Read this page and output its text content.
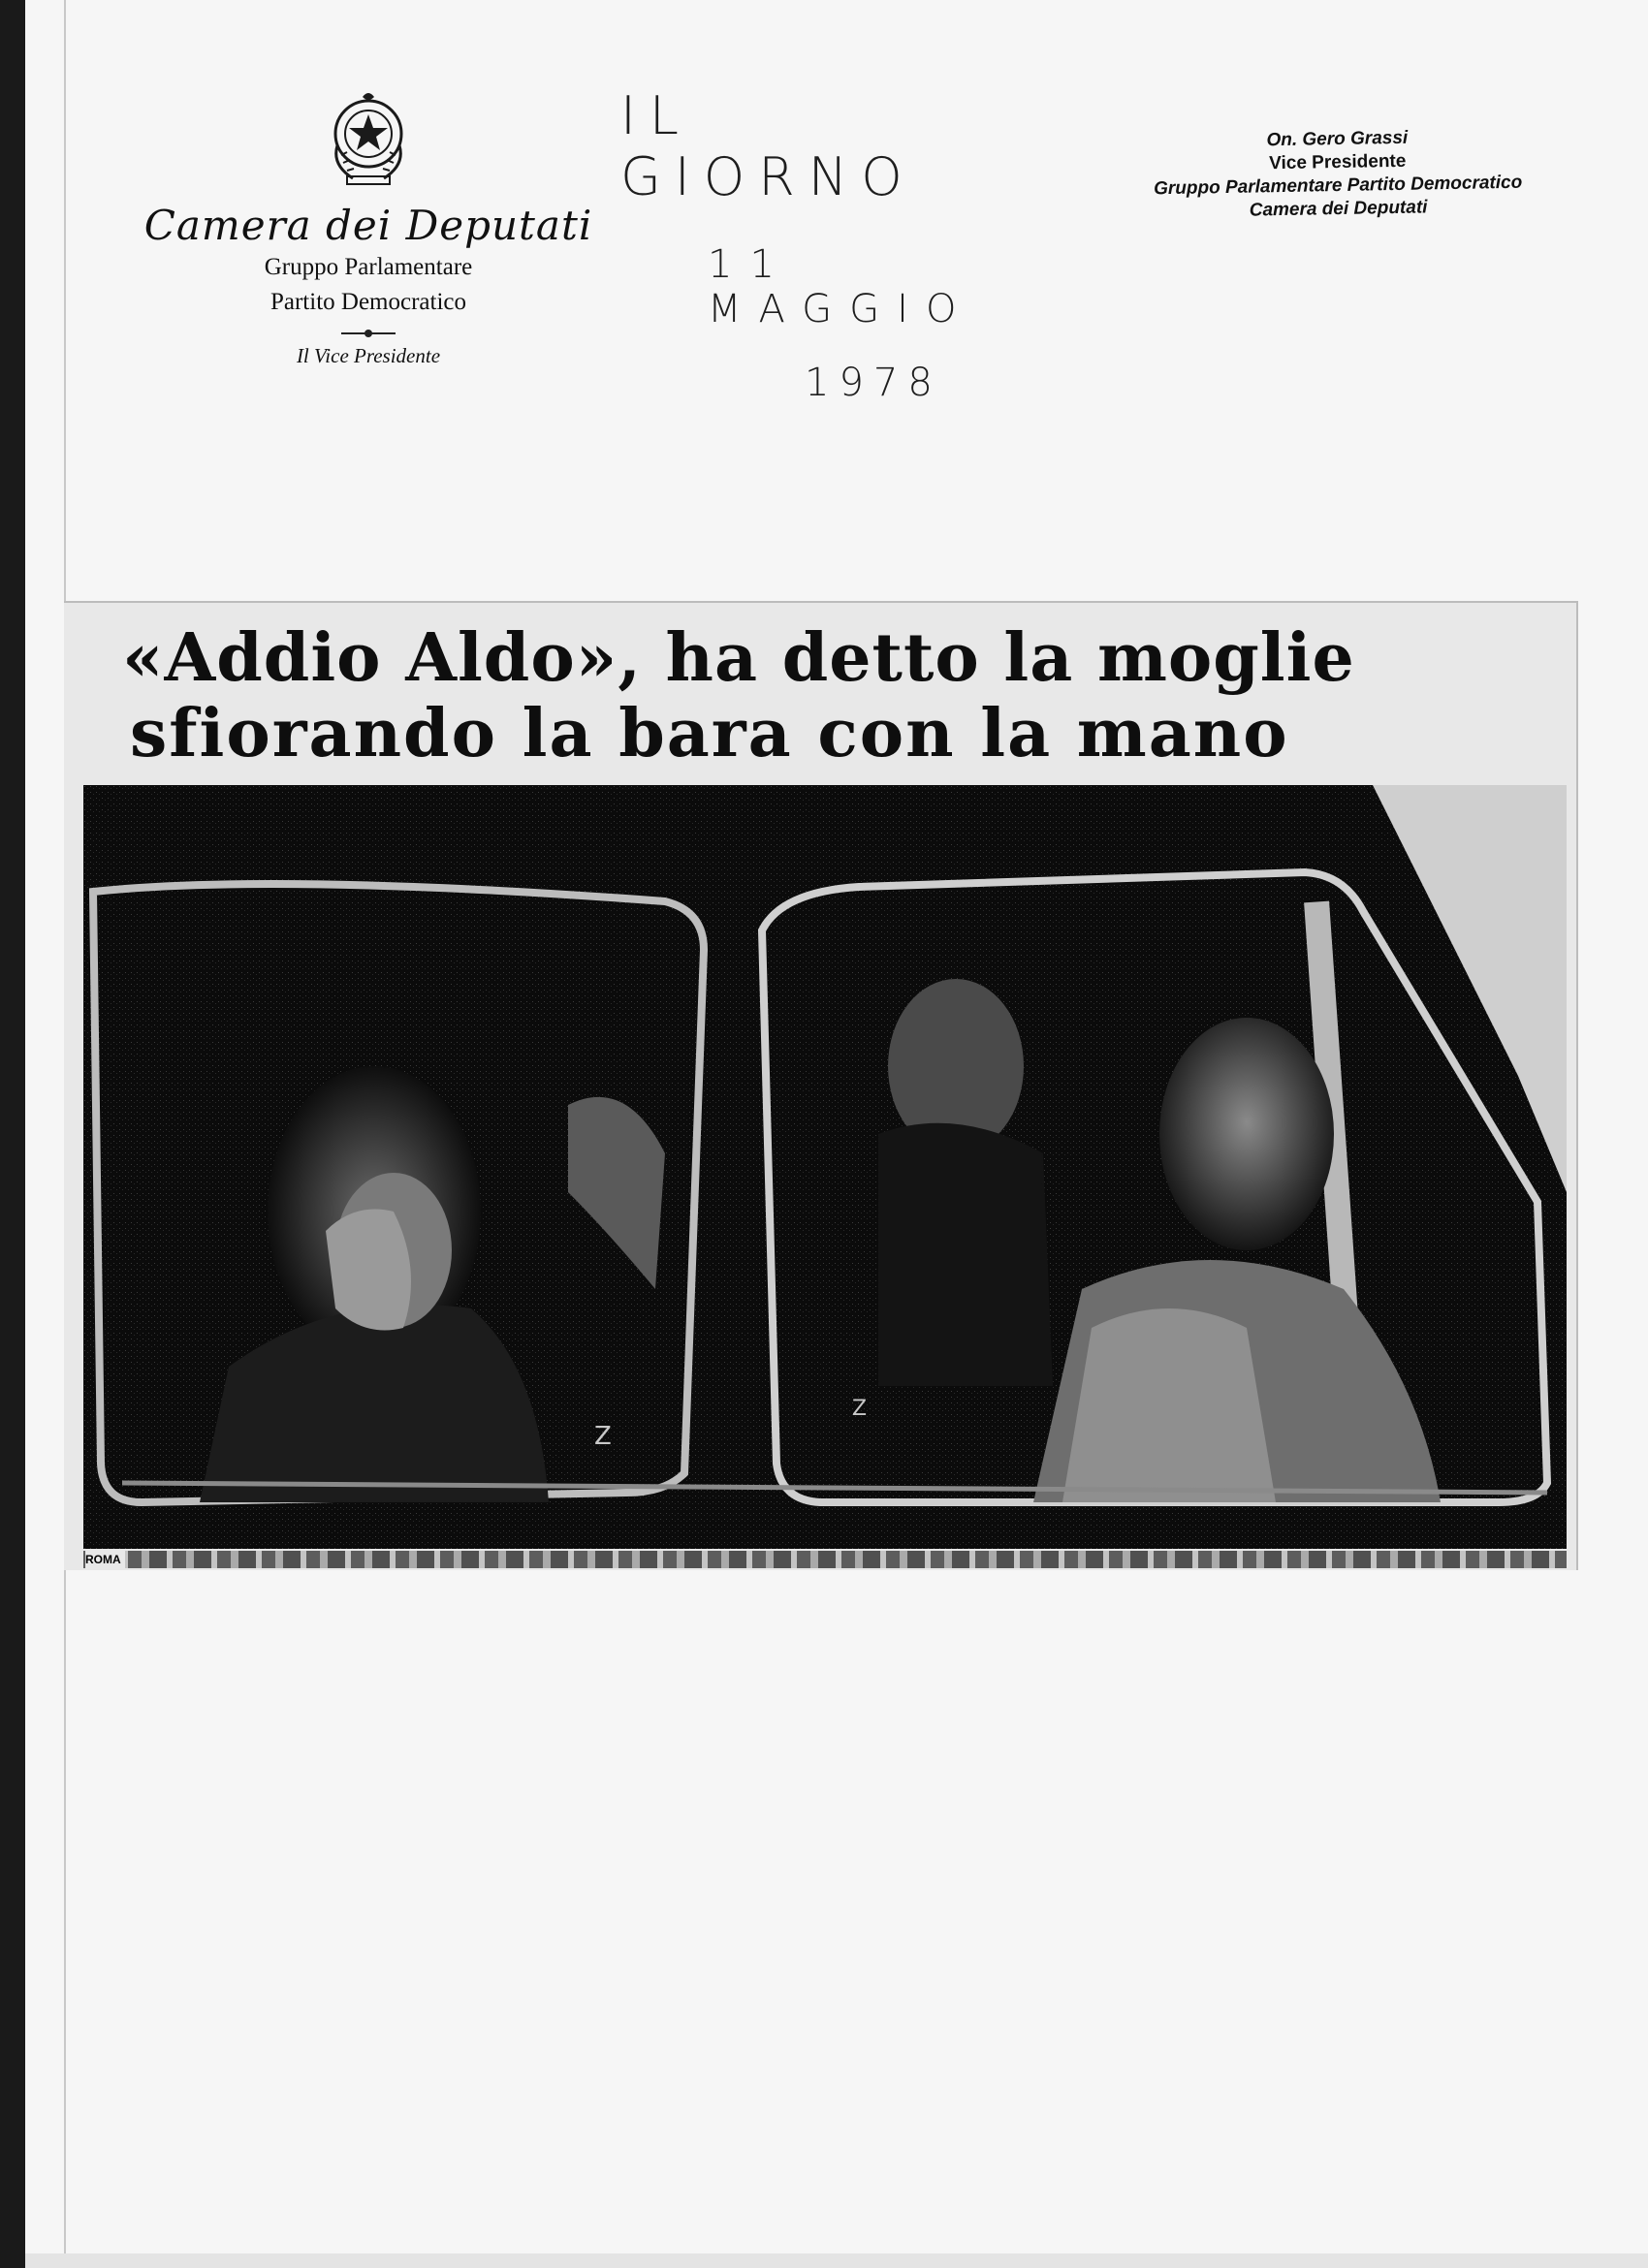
Camera dei Deputati
Gruppo Parlamentare
Partito Democratico
Il Vice Presidente
IL GIORNO
11 MAGGIO
1978
On. Gero Grassi
Vice Presidente
Gruppo Parlamentare Partito Democratico
Camera dei Deputati
«Addio Aldo», ha detto la moglie
sfiorando la bara con la mano
Z
Z
ROMA
